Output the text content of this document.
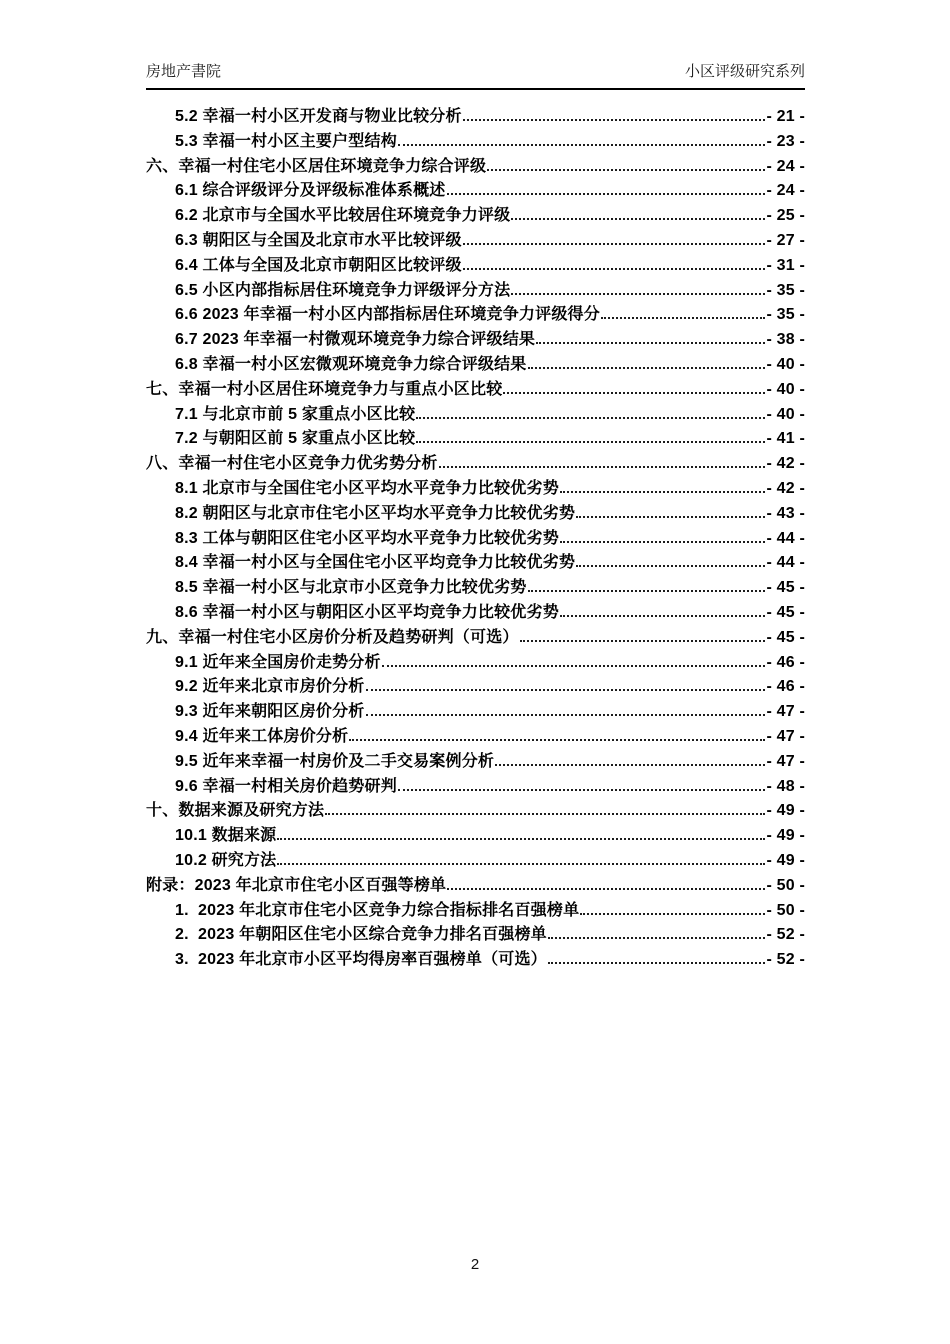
房地产書院	小区评级研究系列
5.2 幸福一村小区开发商与物业比较分析	- 21 -
5.3 幸福一村小区主要户型结构	- 23 -
六、幸福一村住宅小区居住环境竞争力综合评级	- 24 -
6.1 综合评级评分及评级标准体系概述	- 24 -
6.2 北京市与全国水平比较居住环境竞争力评级	- 25 -
6.3 朝阳区与全国及北京市水平比较评级	- 27 -
6.4 工体与全国及北京市朝阳区比较评级	- 31 -
6.5 小区内部指标居住环境竞争力评级评分方法	- 35 -
6.6 2023 年幸福一村小区内部指标居住环境竞争力评级得分	- 35 -
6.7 2023 年幸福一村微观环境竞争力综合评级结果	- 38 -
6.8 幸福一村小区宏微观环境竞争力综合评级结果	- 40 -
七、幸福一村小区居住环境竞争力与重点小区比较	- 40 -
7.1 与北京市前 5 家重点小区比较	- 40 -
7.2 与朝阳区前 5 家重点小区比较	- 41 -
八、幸福一村住宅小区竞争力优劣势分析	- 42 -
8.1 北京市与全国住宅小区平均水平竞争力比较优劣势	- 42 -
8.2 朝阳区与北京市住宅小区平均水平竞争力比较优劣势	- 43 -
8.3 工体与朝阳区住宅小区平均水平竞争力比较优劣势	- 44 -
8.4 幸福一村小区与全国住宅小区平均竞争力比较优劣势	- 44 -
8.5 幸福一村小区与北京市小区竞争力比较优劣势	- 45 -
8.6 幸福一村小区与朝阳区小区平均竞争力比较优劣势	- 45 -
九、幸福一村住宅小区房价分析及趋势研判（可选）	- 45 -
9.1 近年来全国房价走势分析	- 46 -
9.2 近年来北京市房价分析	- 46 -
9.3 近年来朝阳区房价分析	- 47 -
9.4 近年来工体房价分析	- 47 -
9.5 近年来幸福一村房价及二手交易案例分析	- 47 -
9.6 幸福一村相关房价趋势研判	- 48 -
十、数据来源及研究方法	- 49 -
10.1 数据来源	- 49 -
10.2 研究方法	- 49 -
附录：2023 年北京市住宅小区百强等榜单	- 50 -
1.  2023 年北京市住宅小区竞争力综合指标排名百强榜单	- 50 -
2.  2023 年朝阳区住宅小区综合竞争力排名百强榜单	- 52 -
3.  2023 年北京市小区平均得房率百强榜单（可选）	- 52 -
2
